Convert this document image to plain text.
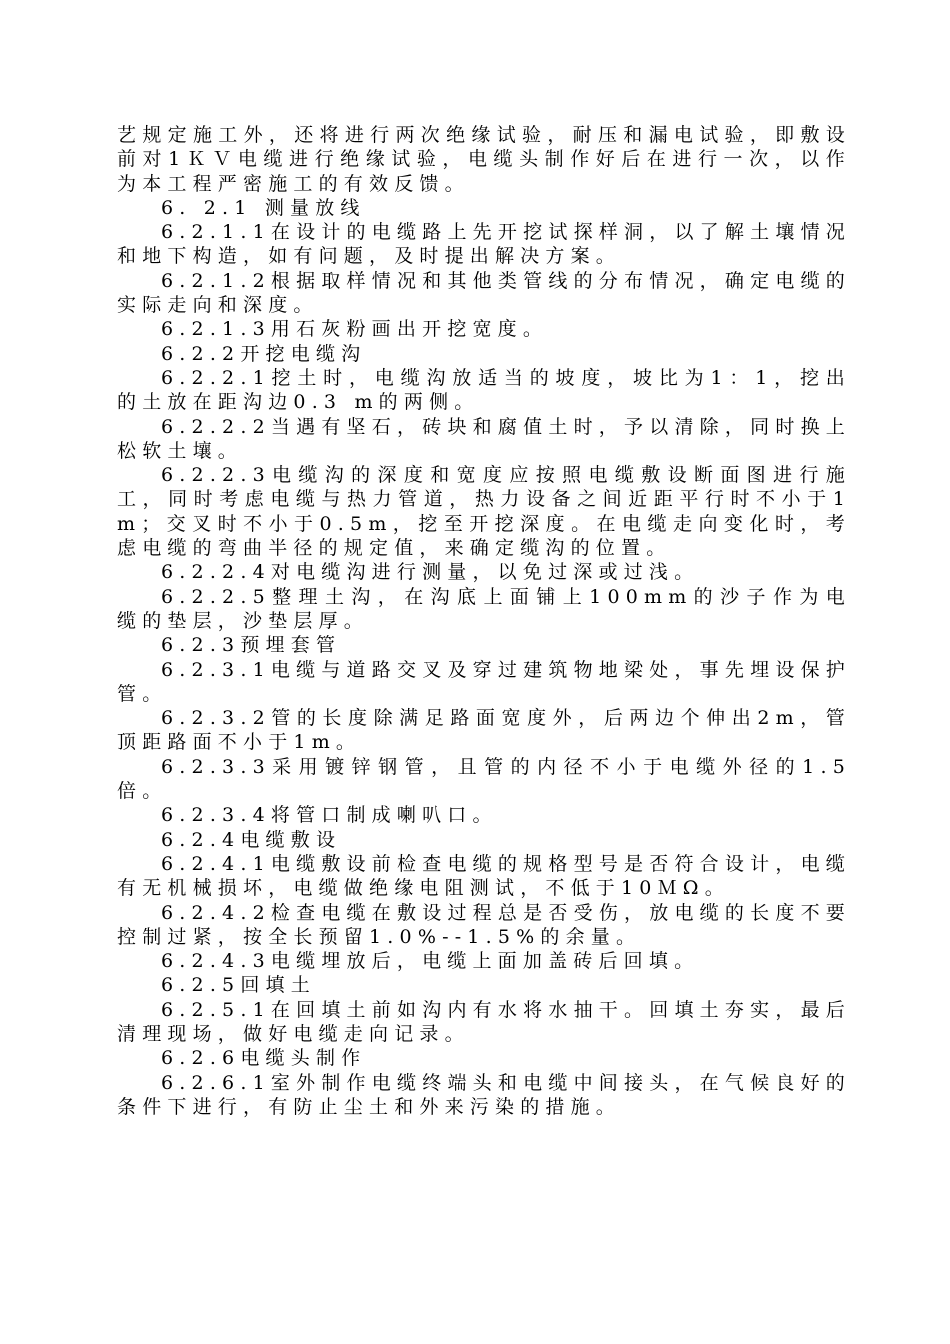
艺规定施工外，还将进行两次绝缘试验，耐压和漏电试验，即敷设前对1ＫＶ电缆进行绝缘试验，电缆头制作好后在进行一次，以作为本工程严密施工的有效反馈。

6. 2.1 测量放线

6.2.1.1在设计的电缆路上先开挖试探样洞，以了解土壤情况和地下构造，如有问题，及时提出解决方案。

6.2.1.2根据取样情况和其他类管线的分布情况，确定电缆的实际走向和深度。

6.2.1.3用石灰粉画出开挖宽度。

6.2.2开挖电缆沟

6.2.2.1挖土时，电缆沟放适当的坡度，坡比为1：1，挖出的土放在距沟边0.3 m的两侧。

6.2.2.2当遇有坚石，砖块和腐值土时，予以清除，同时换上松软土壤。

6.2.2.3电缆沟的深度和宽度应按照电缆敷设断面图进行施工，同时考虑电缆与热力管道，热力设备之间近距平行时不小于1m；交叉时不小于0.5m，挖至开挖深度。在电缆走向变化时，考虑电缆的弯曲半径的规定值，来确定缆沟的位置。

6.2.2.4对电缆沟进行测量，以免过深或过浅。

6.2.2.5整理土沟，在沟底上面铺上100mm的沙子作为电缆的垫层，沙垫层厚。

6.2.3预埋套管

6.2.3.1电缆与道路交叉及穿过建筑物地梁处，事先埋设保护管。

6.2.3.2管的长度除满足路面宽度外，后两边个伸出2m，管顶距路面不小于1m。

6.2.3.3采用镀锌钢管，且管的内径不小于电缆外径的1.5倍。

6.2.3.4将管口制成喇叭口。

6.2.4电缆敷设

6.2.4.1电缆敷设前检查电缆的规格型号是否符合设计，电缆有无机械损坏，电缆做绝缘电阻测试，不低于10ＭΩ。

6.2.4.2检查电缆在敷设过程总是否受伤，放电缆的长度不要控制过紧，按全长预留1.0%--1.5%的余量。

6.2.4.3电缆埋放后，电缆上面加盖砖后回填。

6.2.5回填土

6.2.5.1在回填土前如沟内有水将水抽干。回填土夯实，最后清理现场，做好电缆走向记录。

6.2.6电缆头制作

6.2.6.1室外制作电缆终端头和电缆中间接头，在气候良好的条件下进行，有防止尘土和外来污染的措施。
